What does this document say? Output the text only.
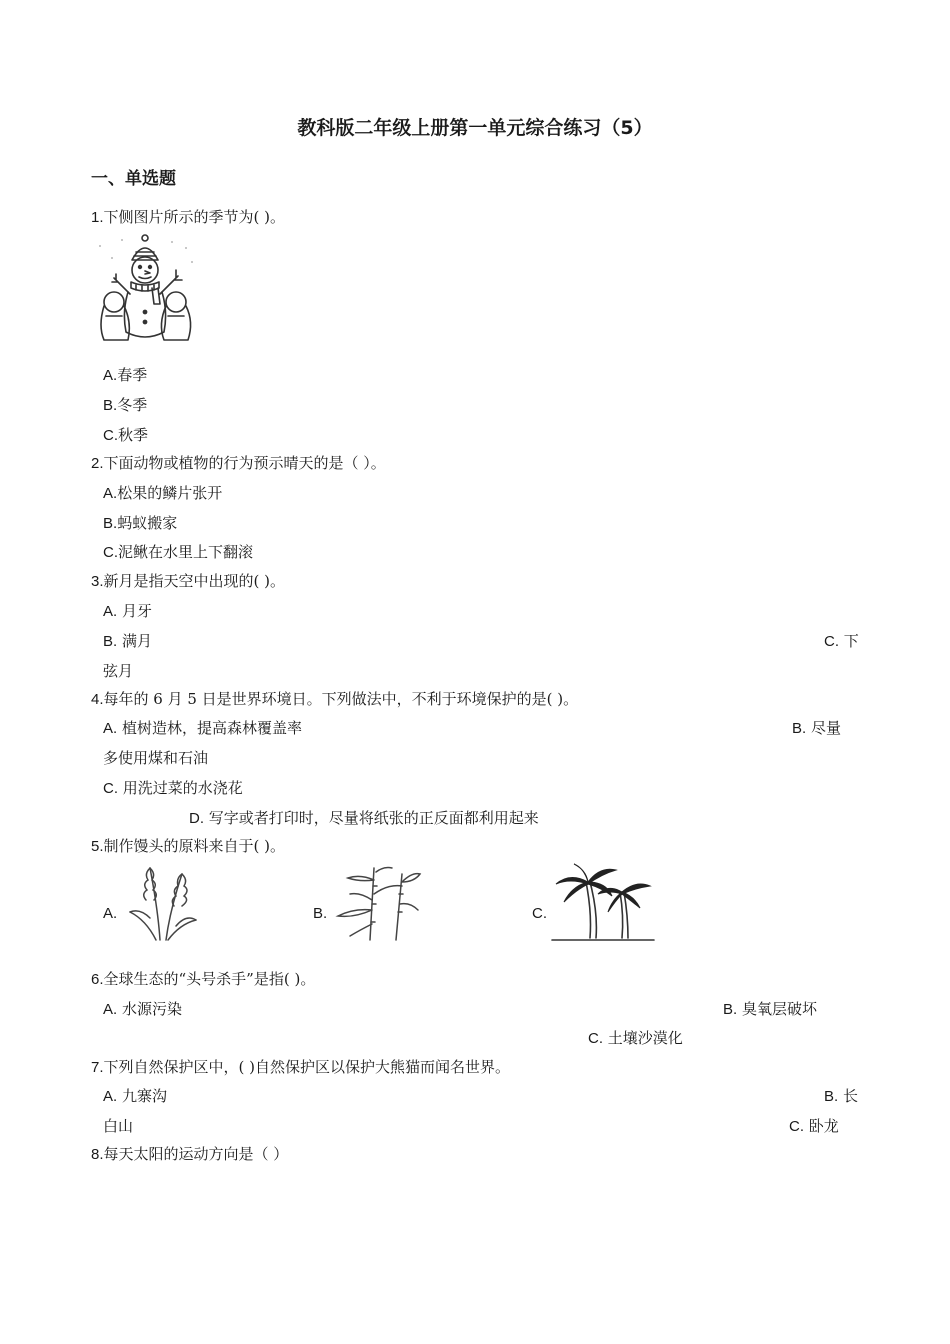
教科版二年级上册第一单元综合练习（5）
一、单选题
1.下侧图片所示的季节为( )。
A.春季
B.冬季
C.秋季
2.下面动物或植物的行为预示晴天的是（ ）。
A.松果的鳞片张开
B.蚂蚁搬家
C.泥鳅在水里上下翻滚
3.新月是指天空中出现的( )。
A. 月牙
B. 满月	C. 下
弦月
4.每年的 6 月 5 日是世界环境日。下列做法中，不利于环境保护的是( )。
A. 植树造林，提高森林覆盖率	B. 尽量
多使用煤和石油
C. 用洗过菜的水浇花
D. 写字或者打印时，尽量将纸张的正反面都利用起来
5.制作馒头的原料来自于( )。
A.	B.	C.
6.全球生态的“头号杀手”是指( )。
A. 水源污染	B. 臭氧层破坏
C. 土壤沙漠化
7.下列自然保护区中，( )自然保护区以保护大熊猫而闻名世界。
A. 九寨沟	B. 长
白山	C. 卧龙
8.每天太阳的运动方向是（ ）
